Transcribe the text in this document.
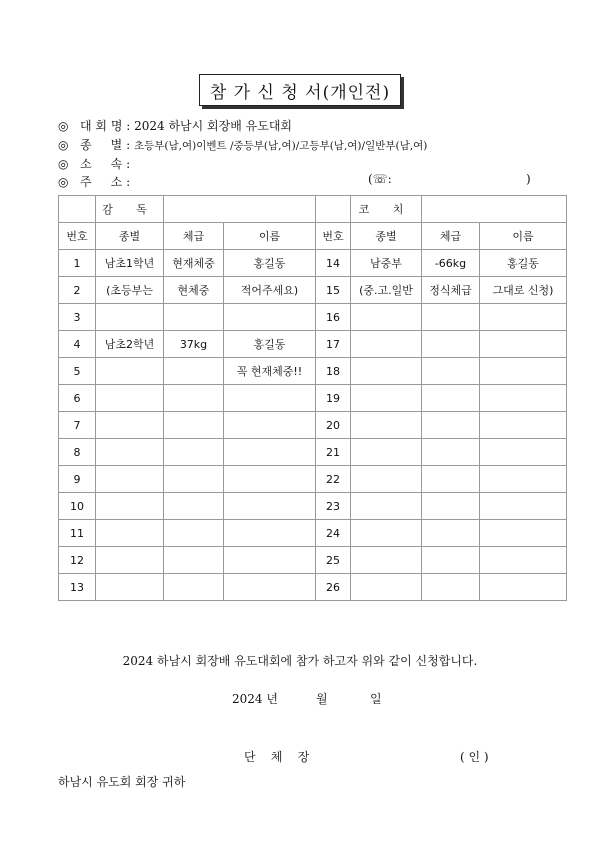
참 가 신 청 서(개인전)
◎ 대 회 명 : 2024 하남시 회장배 유도대회
◎ 종     별 : 초등부(남,여)이벤트 /중등부(남,여)/고등부(남,여)/일반부(남,여)
◎ 소     속 :
◎ 주     소 :	(☏:	)
	감 독				코 치		
번호	종별	체급	이름	번호	종별	체급	이름
1	남초1학년	현재체중	홍길동	14	남중부	-66kg	홍길동
2	(초등부는	현체중	적어주세요)	15	(중.고.일반	정식체급	그대로 신청)
3				16			
4	남초2학년	37kg	홍길동	17			
5			꼭 현재체중!!	18			
6				19			
7				20			
8				21			
9				22			
10				23			
11				24			
12				25			
13				26			
2024 하남시 회장배 유도대회에 참가 하고자 위와 같이 신청합니다.
2024 년	월	일
단    체    장	( 인 )
하남시 유도회 회장 귀하
